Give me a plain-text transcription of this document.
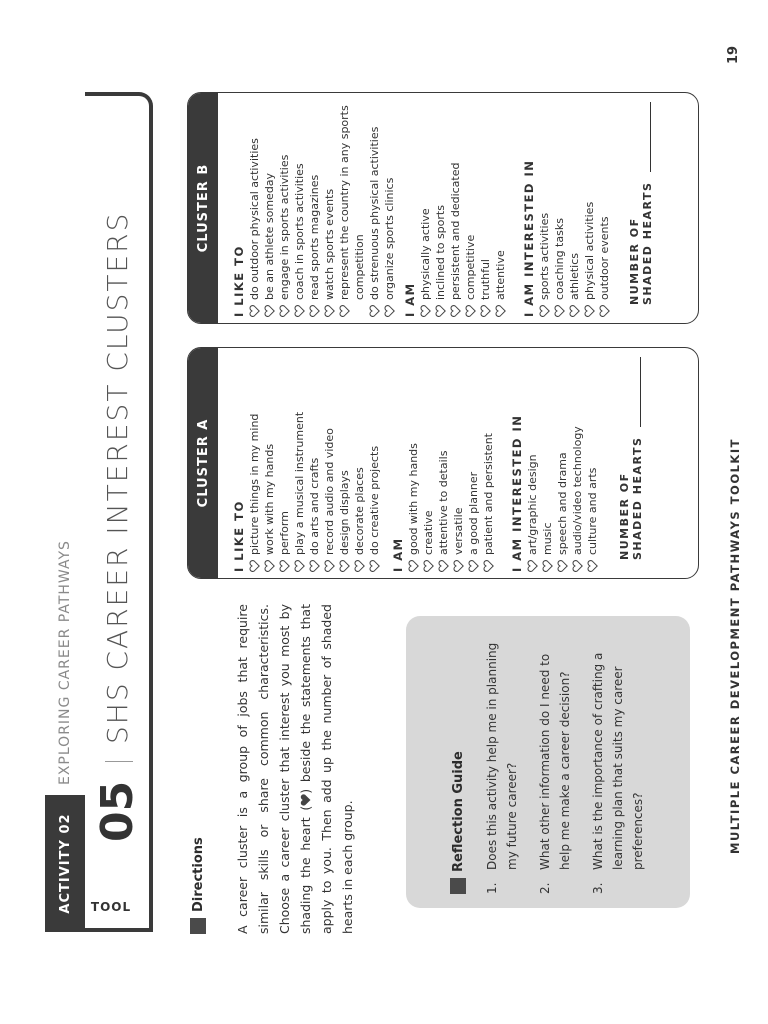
ACTIVITY 02
EXPLORING CAREER PATHWAYS
TOOL
05
SHS CAREER INTEREST CLUSTERS
Directions A career cluster is a group of jobs that require similar skills or share common characteristics. Choose a career cluster that interest you most by shading the heart () beside the statements that apply to you. Then add up the number of shaded hearts in each group.	Reflection Guide
1.
Does this activity help me in planning my future career?
2.
What other information do I need to help me make a career decision?
3.
What is the importance of crafting a learning plan that suits my career preferences?
CLUSTER A
I LIKE TO picture things in my mind work with my hands perform play a musical instrument do arts and crafts record audio and video design displays decorate places do creative projects I AM good with my hands creative attentive to details versatile a good planner patient and persistent I AM INTERESTED IN art/graphic design music speech and drama audio/video technology culture and arts NUMBER OF SHADED HEARTS
CLUSTER B
I LIKE TO do outdoor physical activities be an athlete someday engage in sports activities coach in sports activities read sports magazines watch sports events represent the country in any sports competition do strenuous physical activities organize sports clinics I AM physically active inclined to sports persistent and dedicated competitive truthful attentive I AM INTERESTED IN sports activities coaching tasks athletics physical activities outdoor events NUMBER OF SHADED HEARTS
MULTIPLE CAREER DEVELOPMENT PATHWAYS TOOLKIT
19
